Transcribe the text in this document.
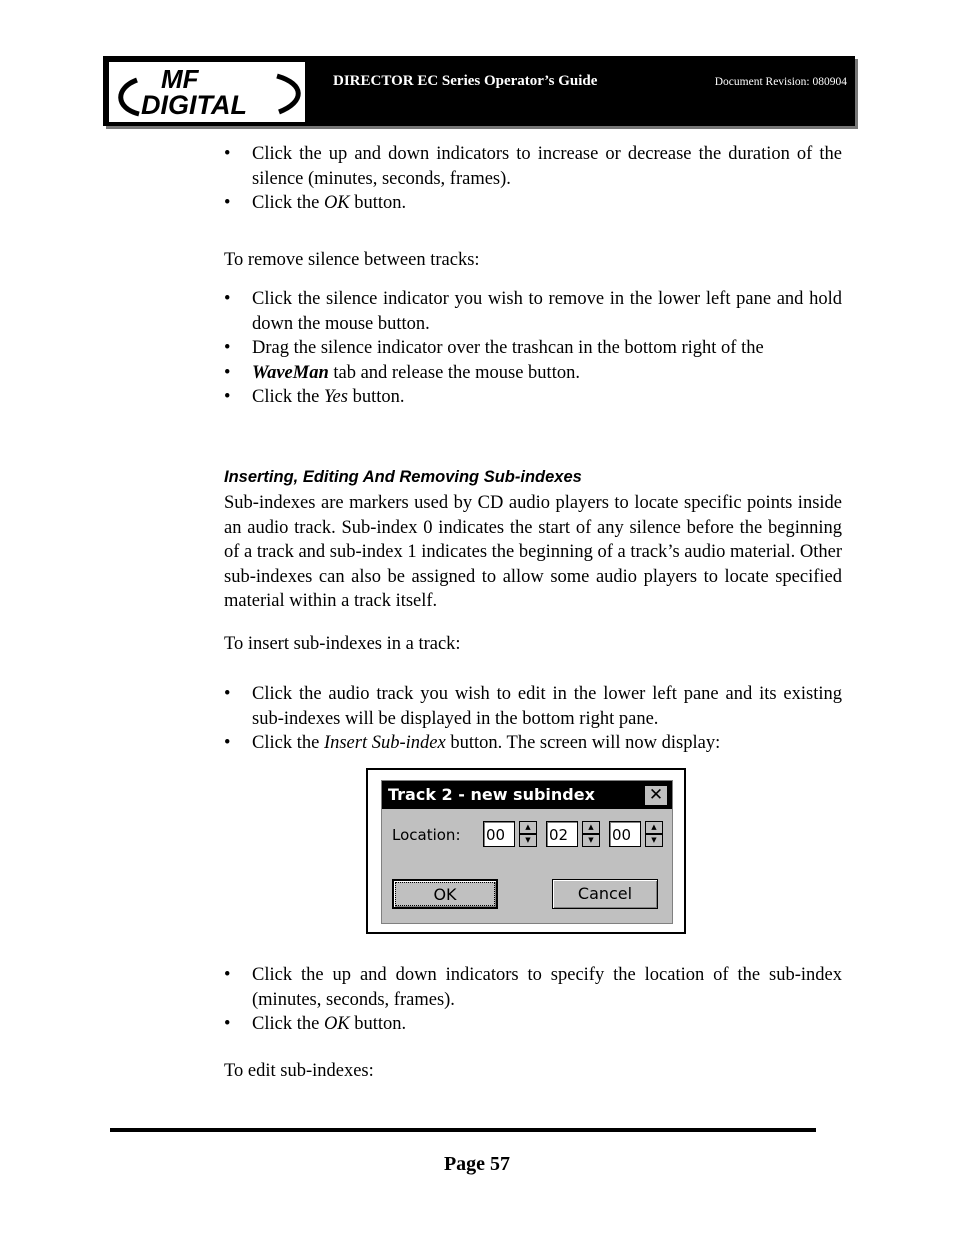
MF
DIGITAL
DIRECTOR EC Series Operator’s Guide	Document Revision: 080904
• Click the up and down indicators to increase or decrease the duration of the silence (minutes, seconds, frames).
• Click the OK button.

To remove silence between tracks:

• Click the silence indicator you wish to remove in the lower left pane and hold down the mouse button.
• Drag the silence indicator over the trashcan in the bottom right of the
• WaveMan tab and release the mouse button.
• Click the Yes button.
Inserting, Editing And Removing Sub-indexes

Sub-indexes are markers used by CD audio players to locate specific points inside an audio track. Sub-index 0 indicates the start of any silence before the beginning of a track and sub-index 1 indicates the beginning of a track’s audio material. Other sub-indexes can also be assigned to allow some audio players to locate specified material within a track itself.

To insert sub-indexes in a track:

• Click the audio track you wish to edit in the lower left pane and its existing sub-indexes will be displayed in the bottom right pane.
• Click the Insert Sub-index button. The screen will now display:
Track 2 - new subindex	✕
Location: 00	▲
▼	02	▲
▼	00	▲
▼
OK	Cancel
• Click the up and down indicators to specify the location of the sub-index (minutes, seconds, frames).
• Click the OK button.

To edit sub-indexes:

Page 57
